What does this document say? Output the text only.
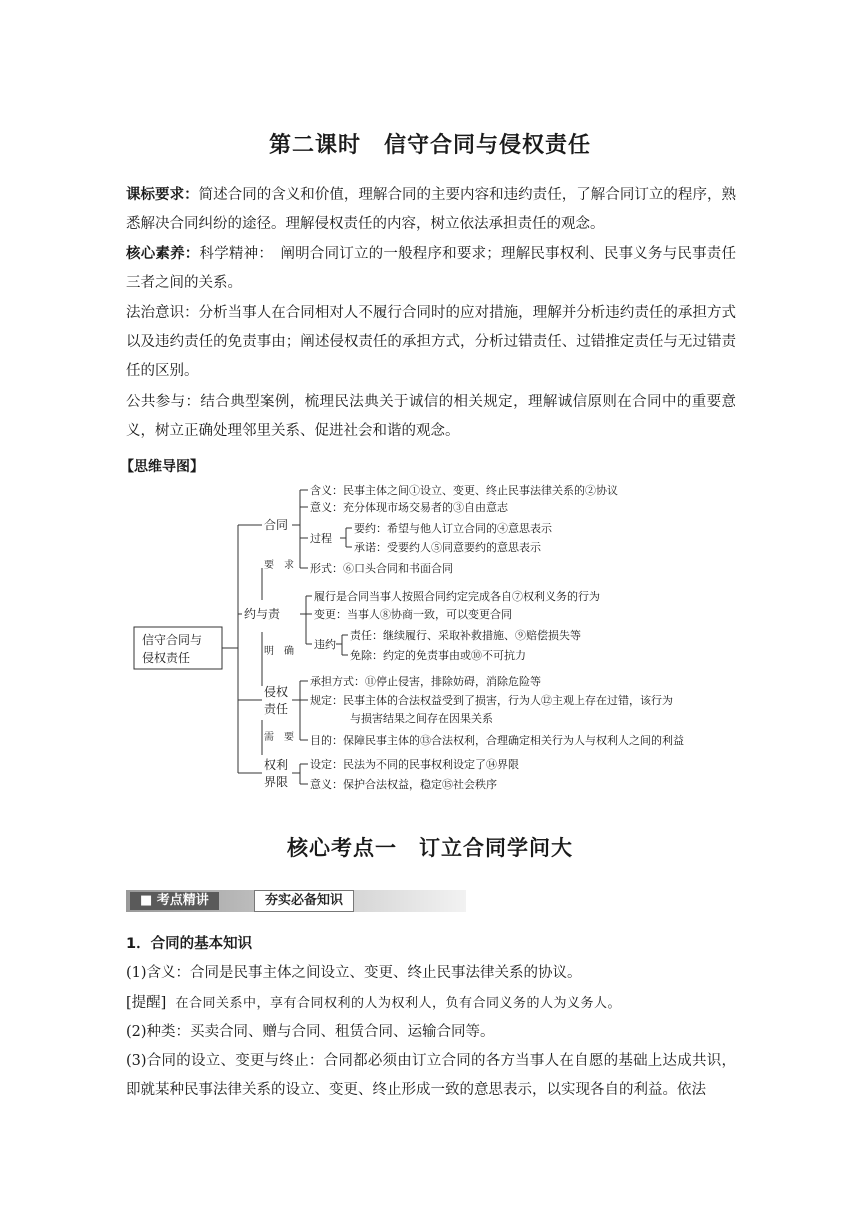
第二课时　信守合同与侵权责任

课标要求：简述合同的含义和价值，理解合同的主要内容和违约责任，了解合同订立的程序，熟悉解决合同纠纷的途径。理解侵权责任的内容，树立依法承担责任的观念。

核心素养：科学精神：　阐明合同订立的一般程序和要求；理解民事权利、民事义务与民事责任三者之间的关系。

法治意识：分析当事人在合同相对人不履行合同时的应对措施，理解并分析违约责任的承担方式以及违约责任的免责事由；阐述侵权责任的承担方式，分析过错责任、过错推定责任与无过错责任的区别。

公共参与：结合典型案例，梳理民法典关于诚信的相关规定，理解诚信原则在合同中的重要意义，树立正确处理邻里关系、促进社会和谐的观念。

【思维导图】
信守合同与
侵权责任
合同
含义：民事主体之间①设立、变更、终止民事法律关系的②协议
意义：充分体现市场交易者的③自由意志
过程
要约：希望与他人订立合同的④意思表示
承诺：受要约人⑤同意要约的意思表示
形式：⑥口头合同和书面合同
要　求
约与责
履行是合同当事人按照合同约定完成各自⑦权利义务的行为
变更：当事人⑧协商一致，可以变更合同
违约
责任：继续履行、采取补救措施、⑨赔偿损失等
免除：约定的免责事由或⑩不可抗力
明　确
侵权
责任
承担方式：⑪停止侵害，排除妨碍，消除危险等
规定：民事主体的合法权益受到了损害，行为人⑫主观上存在过错，该行为
与损害结果之间存在因果关系
目的：保障民事主体的⑬合法权利，合理确定相关行为人与权利人之间的利益
需　要
权利
界限
设定：民法为不同的民事权利设定了⑭界限
意义：保护合法权益，稳定⑮社会秩序
核心考点一　订立合同学问大
■ 考点精讲	夯实必备知识

1．合同的基本知识

(1)含义：合同是民事主体之间设立、变更、终止民事法律关系的协议。

[提醒] 在合同关系中，享有合同权利的人为权利人，负有合同义务的人为义务人。

(2)种类：买卖合同、赠与合同、租赁合同、运输合同等。

(3)合同的设立、变更与终止：合同都必须由订立合同的各方当事人在自愿的基础上达成共识，即就某种民事法律关系的设立、变更、终止形成一致的意思表示，以实现各自的利益。依法
